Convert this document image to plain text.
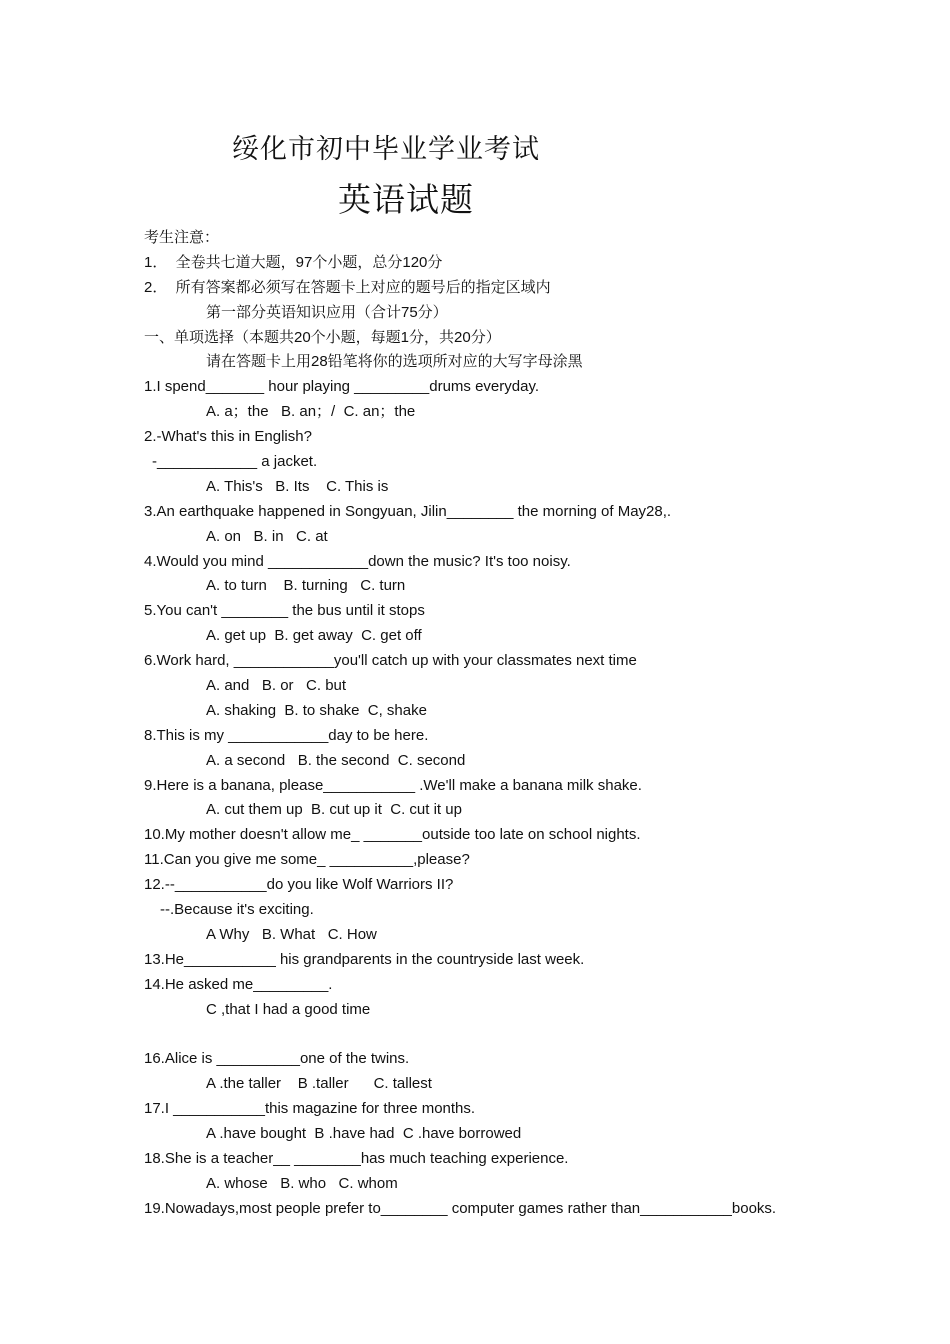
绥化市初中毕业学业考试
英语试题
考生注意：
1．  全卷共七道大题，97个小题，总分120分
2．  所有答案都必须写在答题卡上对应的题号后的指定区域内
第一部分英语知识应用（合计75分）
一、单项选择（本题共20个小题，每题1分，共20分）
请在答题卡上用28铅笔将你的选项所对应的大写字母涂黑
1.I spend_______ hour playing _________drums everyday.
A. a；the   B. an；/  C. an；the
2.-What's this in English?
-____________ a jacket.
A. This's   B. Its    C. This is
3.An earthquake happened in Songyuan, Jilin________ the morning of May28,.
A. on   B. in   C. at
4.Would you mind ____________down the music? It's too noisy.
A. to turn    B. turning   C. turn
5.You can't ________ the bus until it stops
A. get up  B. get away  C. get off
6.Work hard, ____________you'll catch up with your classmates next time
A. and   B. or   C. but
A. shaking  B. to shake  C, shake
8.This is my ____________day to be here.
A. a second   B. the second  C. second
9.Here is a banana, please___________ .We'll make a banana milk shake.
A. cut them up  B. cut up it  C. cut it up
10.My mother doesn't allow me_ _______outside too late on school nights.
11.Can you give me some_ __________,please?
12.--___________do you like Wolf Warriors II?
--.Because it's exciting.
A Why   B. What   C. How
13.He___________ his grandparents in the countryside last week.
14.He asked me_________.
C ,that I had a good time
16.Alice is __________one of the twins.
A .the taller    B .taller      C. tallest
17.I ___________this magazine for three months.
A .have bought  B .have had  C .have borrowed
18.She is a teacher__ ________has much teaching experience.
A. whose   B. who   C. whom
19.Nowadays,most people prefer to________ computer games rather than___________books.
